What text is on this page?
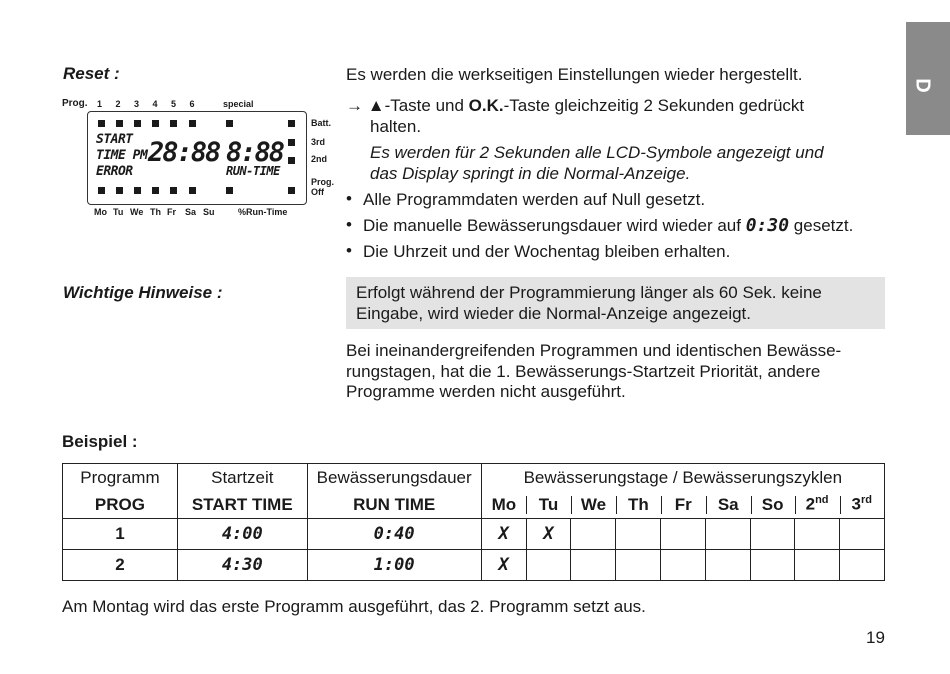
D
Reset :	Es werden die werkseitigen Einstellungen wieder hergestellt.
→ ▲-Taste und O.K.-Taste gleichzeitig 2 Sekunden gedrückt
halten.
Es werden für 2 Sekunden alle LCD-Symbole angezeigt und
das Display springt in die Normal-Anzeige.
• Alle Programmdaten werden auf Null gesetzt.
• Die manuelle Bewässerungsdauer wird wieder auf 0:30 gesetzt.
• Die Uhrzeit und der Wochentag bleiben erhalten.
Prog. 1 2 3 4 5 6	special
START
TIME PM
ERROR
28:88 8:88
RUN-TIME
Batt.
3rd
2nd
Prog.
Off
Mo Tu We Th Fr Sa Su	%Run-Time
Wichtige Hinweise :	Erfolgt während der Programmierung länger als 60 Sek. keine
Eingabe, wird wieder die Normal-Anzeige angezeigt.
Bei ineinandergreifenden Programmen und identischen Bewässe-
rungstagen, hat die 1. Bewässerungs-Startzeit Priorität, andere
Programme werden nicht ausgeführt.
Beispiel :
Programm	Startzeit	Bewässerungsdauer	Bewässerungstage / Bewässerungszyklen								
PROG	START TIME	RUN TIME	Mo	Tu	We	Th	Fr	Sa	So	2nd	3rd
1	4:00	0:40	X	X							
2	4:30	1:00	X								
Am Montag wird das erste Programm ausgeführt, das 2. Programm setzt aus.
19
